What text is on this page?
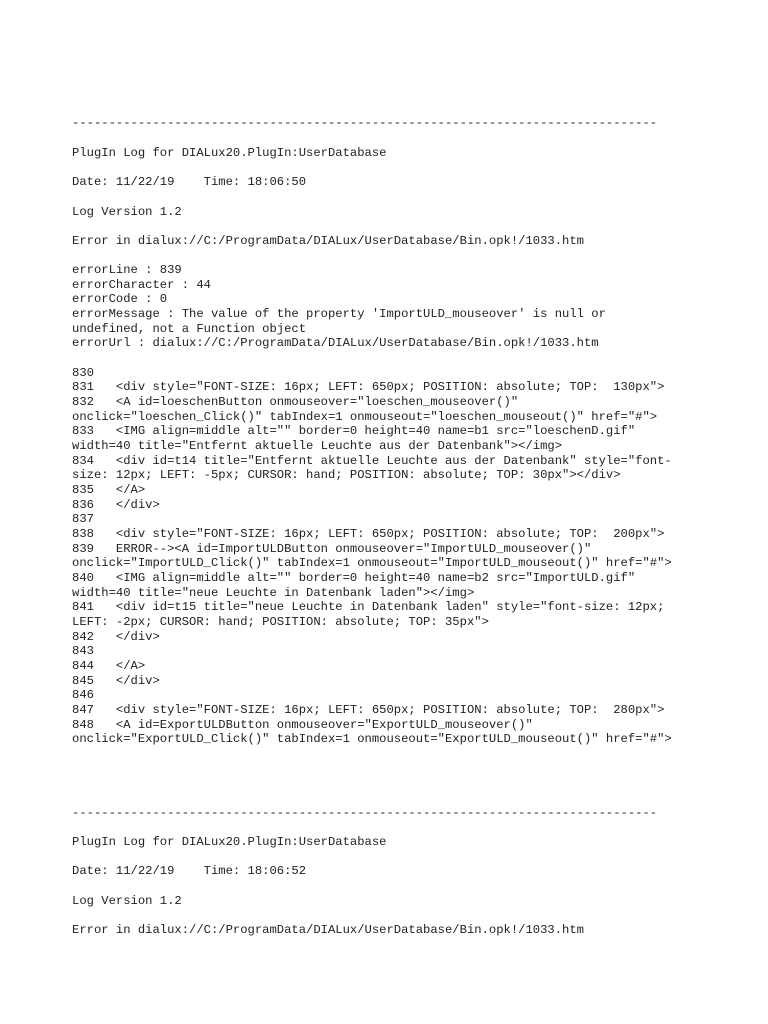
--------------------------------------------------------------------------------

PlugIn Log for DIALux20.PlugIn:UserDatabase

Date: 11/22/19    Time: 18:06:50

Log Version 1.2

Error in dialux://C:/ProgramData/DIALux/UserDatabase/Bin.opk!/1033.htm

errorLine : 839

errorCharacter : 44

errorCode : 0

errorMessage : The value of the property 'ImportULD_mouseover' is null or

undefined, not a Function object

errorUrl : dialux://C:/ProgramData/DIALux/UserDatabase/Bin.opk!/1033.htm

830

831   <div style="FONT-SIZE: 16px; LEFT: 650px; POSITION: absolute; TOP:  130px">

832   <A id=loeschenButton onmouseover="loeschen_mouseover()"

onclick="loeschen_Click()" tabIndex=1 onmouseout="loeschen_mouseout()" href="#">

833   <IMG align=middle alt="" border=0 height=40 name=b1 src="loeschenD.gif"

width=40 title="Entfernt aktuelle Leuchte aus der Datenbank"></img>

834   <div id=t14 title="Entfernt aktuelle Leuchte aus der Datenbank" style="font-

size: 12px; LEFT: -5px; CURSOR: hand; POSITION: absolute; TOP: 30px"></div>

835   </A>

836   </div>

837

838   <div style="FONT-SIZE: 16px; LEFT: 650px; POSITION: absolute; TOP:  200px">

839   ERROR--><A id=ImportULDButton onmouseover="ImportULD_mouseover()"

onclick="ImportULD_Click()" tabIndex=1 onmouseout="ImportULD_mouseout()" href="#">

840   <IMG align=middle alt="" border=0 height=40 name=b2 src="ImportULD.gif"

width=40 title="neue Leuchte in Datenbank laden"></img>

841   <div id=t15 title="neue Leuchte in Datenbank laden" style="font-size: 12px;

LEFT: -2px; CURSOR: hand; POSITION: absolute; TOP: 35px">

842   </div>

843

844   </A>

845   </div>

846

847   <div style="FONT-SIZE: 16px; LEFT: 650px; POSITION: absolute; TOP:  280px">

848   <A id=ExportULDButton onmouseover="ExportULD_mouseover()"

onclick="ExportULD_Click()" tabIndex=1 onmouseout="ExportULD_mouseout()" href="#">

--------------------------------------------------------------------------------

PlugIn Log for DIALux20.PlugIn:UserDatabase

Date: 11/22/19    Time: 18:06:52

Log Version 1.2

Error in dialux://C:/ProgramData/DIALux/UserDatabase/Bin.opk!/1033.htm
